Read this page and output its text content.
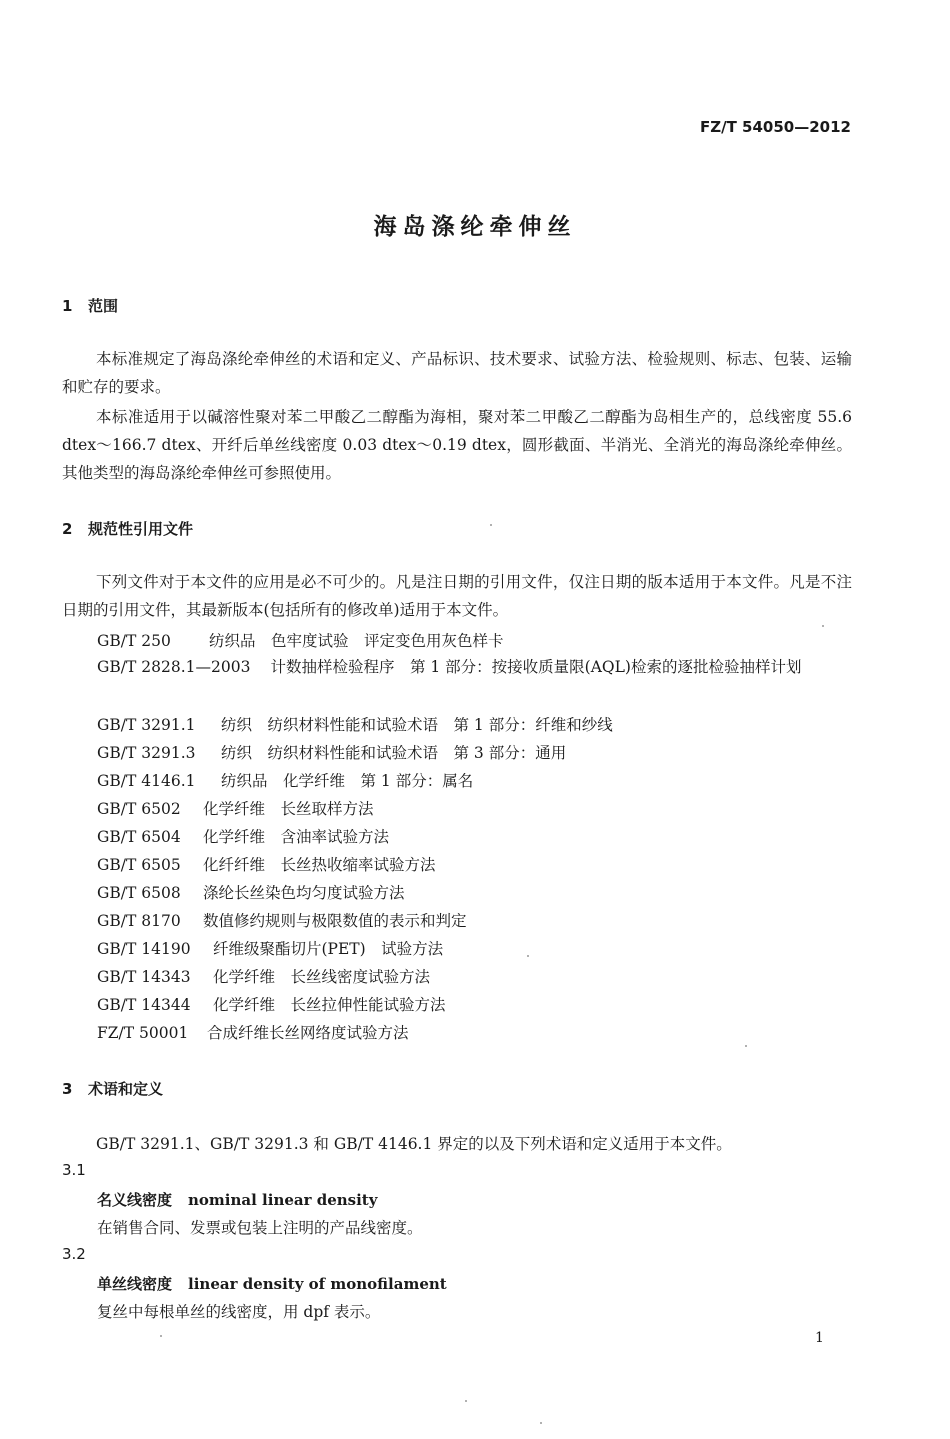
FZ/T 54050—2012
海岛涤纶牵伸丝
1 范围
本标准规定了海岛涤纶牵伸丝的术语和定义、产品标识、技术要求、试验方法、检验规则、标志、包装、运输和贮存的要求。
本标准适用于以碱溶性聚对苯二甲酸乙二醇酯为海相，聚对苯二甲酸乙二醇酯为岛相生产的，总线密度 55.6 dtex～166.7 dtex、开纤后单丝线密度 0.03 dtex～0.19 dtex，圆形截面、半消光、全消光的海岛涤纶牵伸丝。其他类型的海岛涤纶牵伸丝可参照使用。
2 规范性引用文件
下列文件对于本文件的应用是必不可少的。凡是注日期的引用文件，仅注日期的版本适用于本文件。凡是不注日期的引用文件，其最新版本(包括所有的修改单)适用于本文件。
GB/T 250 纺织品　色牢度试验　评定变色用灰色样卡
GB/T 2828.1—2003 计数抽样检验程序　第 1 部分：按接收质量限(AQL)检索的逐批检验抽样计划
GB/T 3291.1 纺织　纺织材料性能和试验术语　第 1 部分：纤维和纱线
GB/T 3291.3 纺织　纺织材料性能和试验术语　第 3 部分：通用
GB/T 4146.1 纺织品　化学纤维　第 1 部分：属名
GB/T 6502 化学纤维　长丝取样方法
GB/T 6504 化学纤维　含油率试验方法
GB/T 6505 化纤纤维　长丝热收缩率试验方法
GB/T 6508 涤纶长丝染色均匀度试验方法
GB/T 8170 数值修约规则与极限数值的表示和判定
GB/T 14190 纤维级聚酯切片(PET)　试验方法
GB/T 14343 化学纤维　长丝线密度试验方法
GB/T 14344 化学纤维　长丝拉伸性能试验方法
FZ/T 50001 合成纤维长丝网络度试验方法
3 术语和定义
GB/T 3291.1、GB/T 3291.3 和 GB/T 4146.1 界定的以及下列术语和定义适用于本文件。
3.1
名义线密度 nominal linear density
在销售合同、发票或包装上注明的产品线密度。
3.2
单丝线密度 linear density of monofilament
复丝中每根单丝的线密度，用 dpf 表示。
1
